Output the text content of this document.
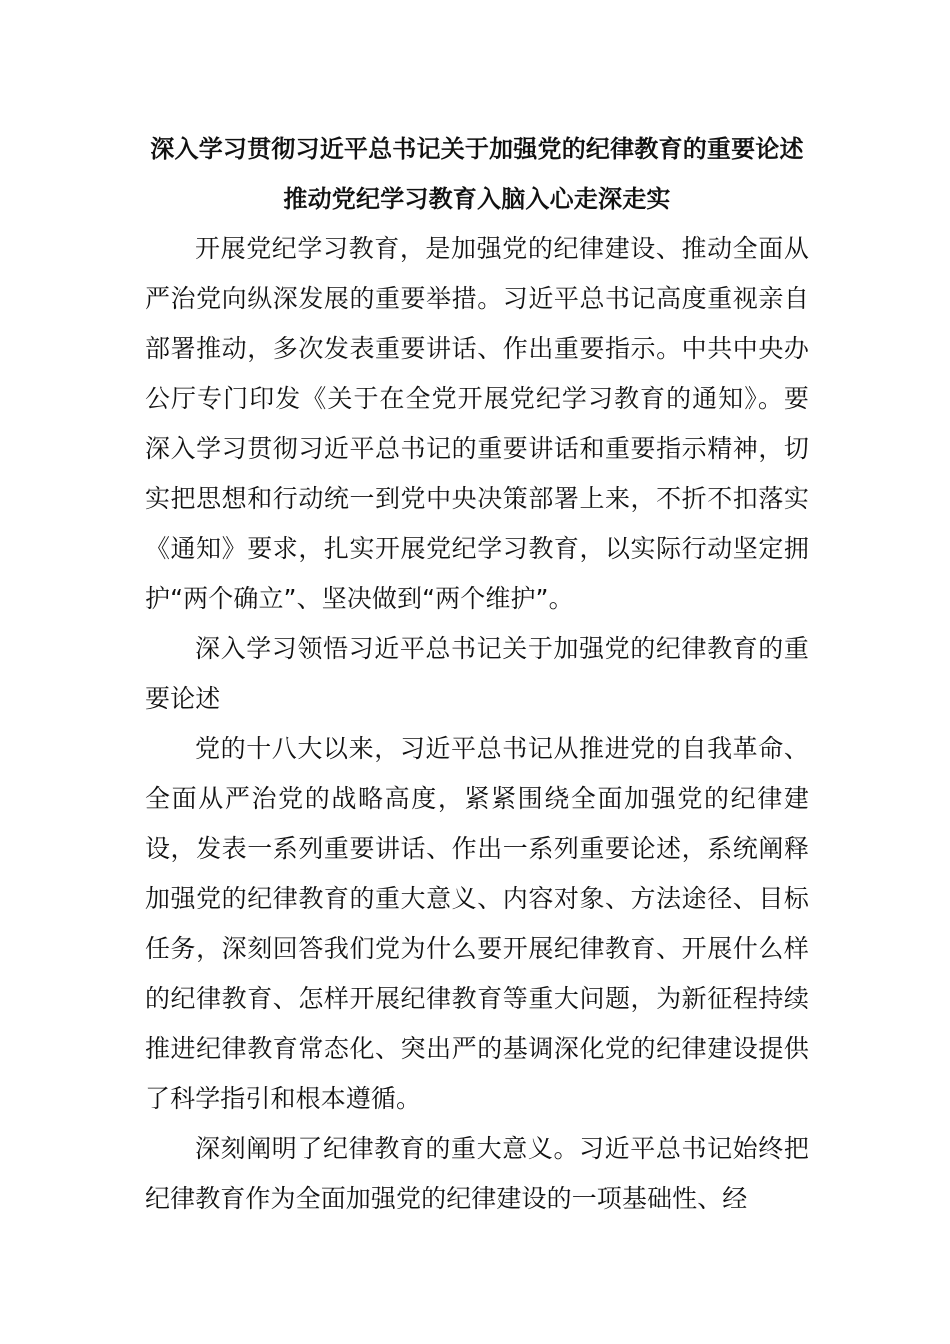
深入学习贯彻习近平总书记关于加强党的纪律教育的重要论述 推动党纪学习教育入脑入心走深走实

开展党纪学习教育，是加强党的纪律建设、推动全面从严治党向纵深发展的重要举措。习近平总书记高度重视亲自部署推动，多次发表重要讲话、作出重要指示。中共中央办公厅专门印发《关于在全党开展党纪学习教育的通知》。要深入学习贯彻习近平总书记的重要讲话和重要指示精神，切实把思想和行动统一到党中央决策部署上来，不折不扣落实《通知》要求，扎实开展党纪学习教育，以实际行动坚定拥护“两个确立”、坚决做到“两个维护”。

深入学习领悟习近平总书记关于加强党的纪律教育的重要论述

党的十八大以来，习近平总书记从推进党的自我革命、全面从严治党的战略高度，紧紧围绕全面加强党的纪律建设，发表一系列重要讲话、作出一系列重要论述，系统阐释加强党的纪律教育的重大意义、内容对象、方法途径、目标任务，深刻回答我们党为什么要开展纪律教育、开展什么样的纪律教育、怎样开展纪律教育等重大问题，为新征程持续推进纪律教育常态化、突出严的基调深化党的纪律建设提供了科学指引和根本遵循。

深刻阐明了纪律教育的重大意义。习近平总书记始终把纪律教育作为全面加强党的纪律建设的一项基础性、经
